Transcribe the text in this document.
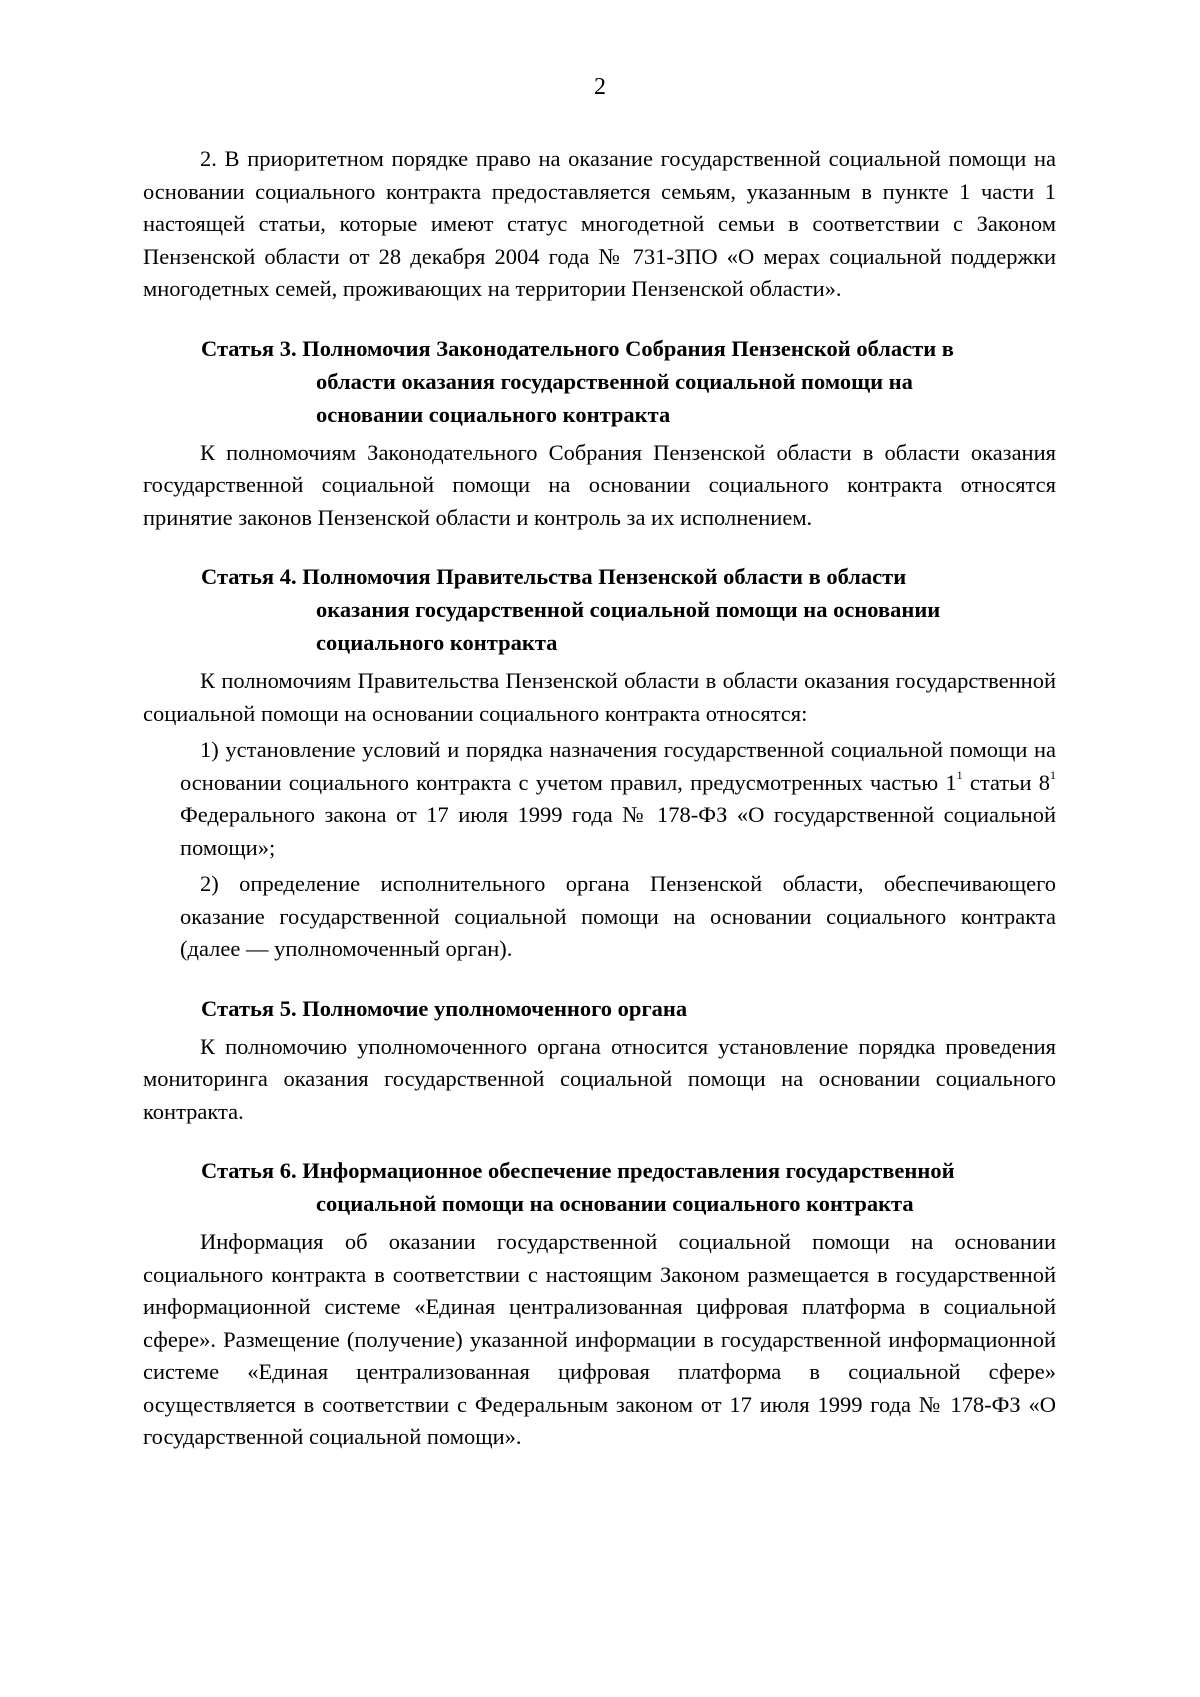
2

2. В приоритетном порядке право на оказание государственной социальной помощи на основании социального контракта предоставляется семьям, указанным в пункте 1 части 1 настоящей статьи, которые имеют статус многодетной семьи в соответствии с Законом Пензенской области от 28 декабря 2004 года № 731-ЗПО «О мерах социальной поддержки многодетных семей, проживающих на территории Пензенской области».

Статья 3. Полномочия Законодательного Собрания Пензенской области в
области оказания государственной социальной помощи на
основании социального контракта

К полномочиям Законодательного Собрания Пензенской области в области оказания государственной социальной помощи на основании социального контракта относятся принятие законов Пензенской области и контроль за их исполнением.

Статья 4. Полномочия Правительства Пензенской области в области
оказания государственной социальной помощи на основании
социального контракта

К полномочиям Правительства Пензенской области в области оказания государственной социальной помощи на основании социального контракта относятся:

1) установление условий и порядка назначения государственной социальной помощи на основании социального контракта с учетом правил, предусмотренных частью $1^1$ статьи $8^1$ Федерального закона от 17 июля 1999 года № 178-ФЗ «О государственной социальной помощи»;

2) определение исполнительного органа Пензенской области, обеспечивающего оказание государственной социальной помощи на основании социального контракта (далее — уполномоченный орган).

Статья 5. Полномочие уполномоченного органа

К полномочию уполномоченного органа относится установление порядка проведения мониторинга оказания государственной социальной помощи на основании социального контракта.

Статья 6. Информационное обеспечение предоставления государственной
социальной помощи на основании социального контракта

Информация об оказании государственной социальной помощи на основании социального контракта в соответствии с настоящим Законом размещается в государственной информационной системе «Единая централизованная цифровая платформа в социальной сфере». Размещение (получение) указанной информации в государственной информационной системе «Единая централизованная цифровая платформа в социальной сфере» осуществляется в соответствии с Федеральным законом от 17 июля 1999 года № 178-ФЗ «О государственной социальной помощи».
